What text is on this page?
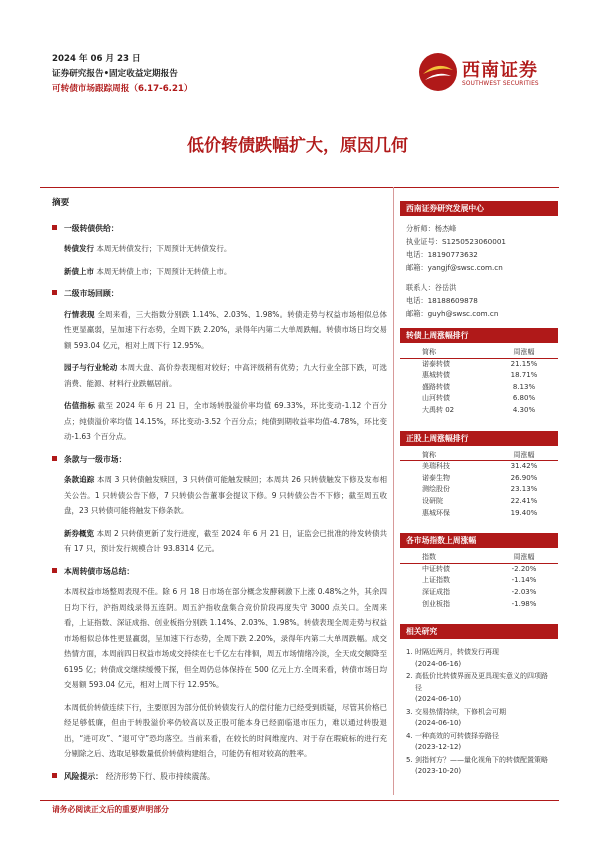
2024 年 06 月 23 日
证券研究报告•固定收益定期报告
可转债市场跟踪周报（6.17-6.21）
西南证券
SOUTHWEST SECURITIES
低价转债跌幅扩大，原因几何
摘要
一级转债供给：
转债发行 本周无转债发行；下周预计无转债发行。
新债上市 本周无转债上市；下周预计无转债上市。
二级市场回顾：
行情表现 全周来看，三大指数分别跌 1.14%、2.03%、1.98%。转债走势与权益市场相似总体性更显羸弱，呈加速下行态势，全周下跌 2.20%，录得年内第二大单周跌幅。转债市场日均交易额 593.04 亿元，相对上周下行 12.95%。
园子与行业轮动 本周大盘、高价券表现相对较好；中高评级稍有优势；九大行业全部下跌，可选消费、能源、材料行业跌幅居前。
估值指标 截至 2024 年 6 月 21 日，全市场转股溢价率均值 69.33%，环比变动-1.12 个百分点；纯债溢价率均值 14.15%，环比变动-3.52 个百分点；纯债到期收益率均值-4.78%，环比变动-1.63 个百分点。
条款与一级市场：
条款追踪 本周 3 只转债触发赎回，3 只转债可能触发赎回；本周共 26 只转债触发下修及发布相关公告。1 只转债公告下修，7 只转债公告董事会提议下修。9 只转债公告不下修；截至周五收盘，23 只转债可能将触发下修条款。
新券概览 本周 2 只转债更新了发行进度，截至 2024 年 6 月 21 日，证监会已批准的待发转债共有 17 只，预计发行规模合计 93.8314 亿元。
本周转债市场总结：
本周权益市场整周表现不佳。除 6 月 18 日市场在部分概念发酵刺激下上涨 0.48%之外，其余四日均下行，沪指周线录得五连阴。周五沪指收盘集合竞价阶段再度失守 3000 点关口。全周来看，上证指数、深证成指、创业板指分别跌 1.14%、2.03%、1.98%。转债表现全周走势与权益市场相似总体性更显羸弱，呈加速下行态势，全周下跌 2.20%，录得年内第二大单周跌幅。成交热情方面，本周前四日权益市场成交持续在七千亿左右徘徊，周五市场情绪冷淡，全天成交额降至 6195 亿；转债成交继续缓慢下探，但全周仍总体保持在 500 亿元上方.全周来看，转债市场日均交易额 593.04 亿元，相对上周下行 12.95%。
本周低价转债连续下行，主要原因为部分低价转债发行人的偿付能力已经受到质疑，尽管其价格已经足够低廉，但由于转股溢价率仍较高以及正股可能本身已经面临退市压力，难以通过转股退出，“进可攻”、“退可守”恐均落空。当前来看，在较长的时间维度内、对于存在瑕疵标的进行充分剔除之后、选取足够数量低价转债构建组合，可能仍有相对较高的胜率。
风险提示： 经济形势下行、股市持续震荡。
西南证券研究发展中心
分析师：杨杰峰
执业证号：S1250523060001
电话：18190773632
邮箱：yangjf@swsc.com.cn
联系人：谷岳洪
电话：18188609878
邮箱：guyh@swsc.com.cn
转债上周涨幅排行
简称	周涨幅
诺泰转债	21.15%
惠城转债	18.71%
盛路转债	8.13%
山河转债	6.80%
大禹转 02	4.30%
正股上周涨幅排行
简称	周涨幅
美瑞科技	31.42%
诺泰生物	26.90%
测绘股份	23.13%
设研院	22.41%
惠城环保	19.40%
各市场指数上周涨幅
指数	周涨幅
中证转债	-2.20%
上证指数	-1.14%
深证成指	-2.03%
创业板指	-1.98%
相关研究
1. 时隔近两月，转债发行再现
(2024-06-16)
2. 高低价比转债界面及更具现实意义的四项路径
(2024-06-10)
3. 交易热情持续，下修机会可期
(2024-06-10)
4. 一种高效的可转债择券路径
(2023-12-12)
5. 剑指何方？——量化视角下的转债配置策略
(2023-10-20)
请务必阅读正文后的重要声明部分
